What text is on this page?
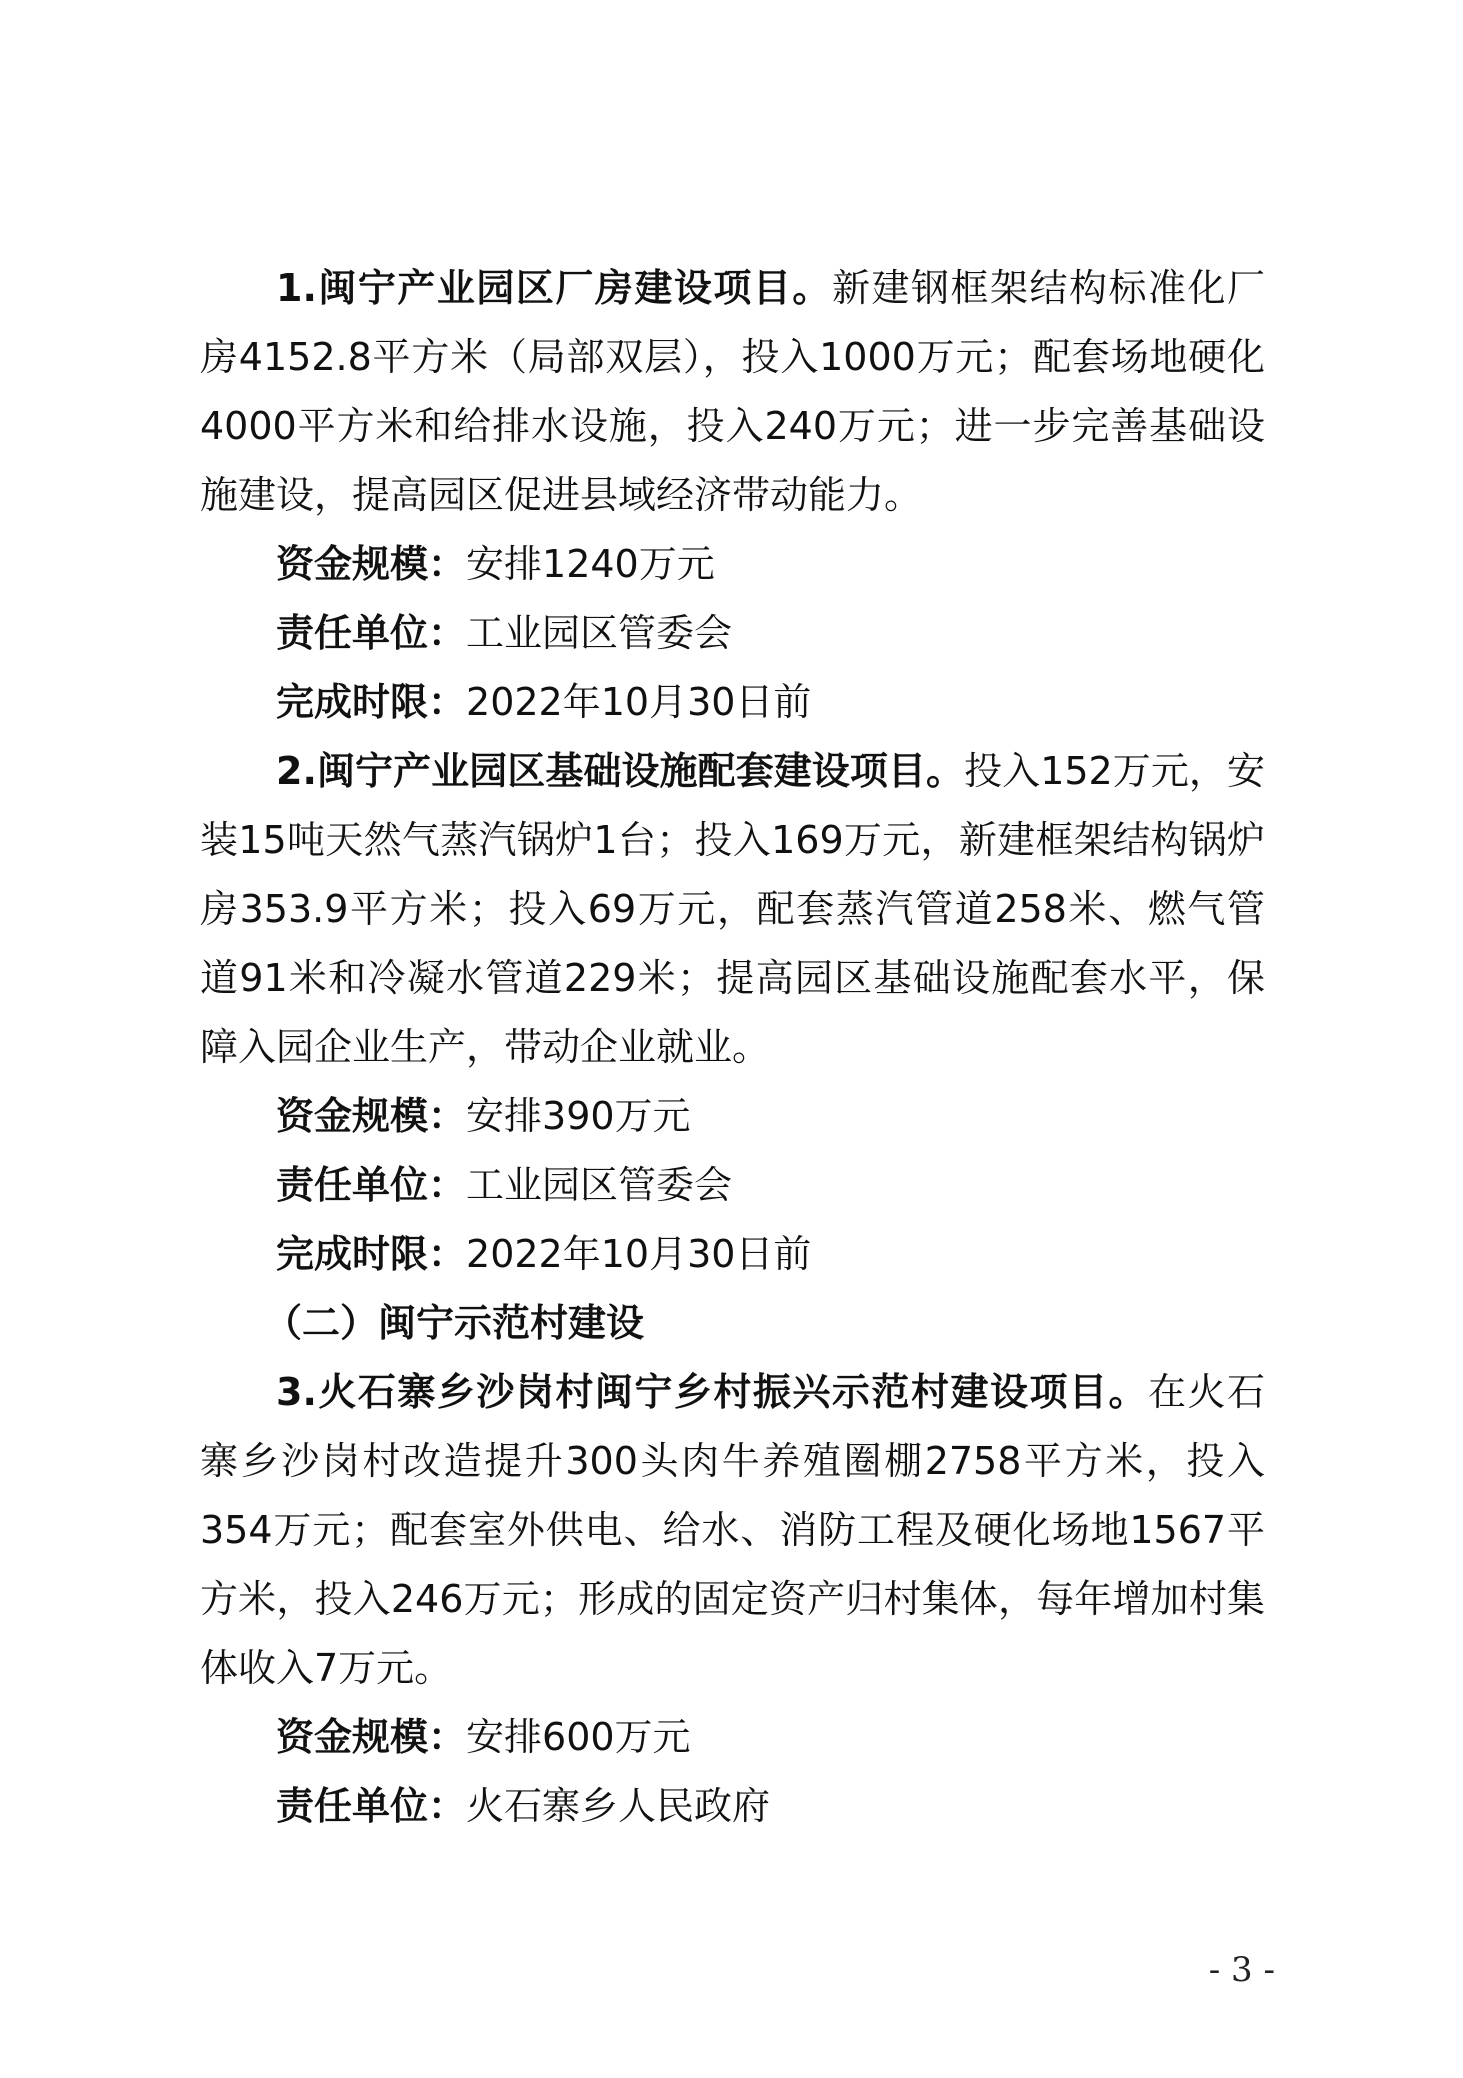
1.闽宁产业园区厂房建设项目。新建钢框架结构标准化厂房4152.8平方米（局部双层），投入1000万元；配套场地硬化4000平方米和给排水设施，投入240万元；进一步完善基础设施建设，提高园区促进县域经济带动能力。

资金规模：安排1240万元

责任单位：工业园区管委会

完成时限：2022年10月30日前

2.闽宁产业园区基础设施配套建设项目。投入152万元，安装15吨天然气蒸汽锅炉1台；投入169万元，新建框架结构锅炉房353.9平方米；投入69万元，配套蒸汽管道258米、燃气管道91米和冷凝水管道229米；提高园区基础设施配套水平，保障入园企业生产，带动企业就业。

资金规模：安排390万元

责任单位：工业园区管委会

完成时限：2022年10月30日前

（二）闽宁示范村建设

3.火石寨乡沙岗村闽宁乡村振兴示范村建设项目。在火石寨乡沙岗村改造提升300头肉牛养殖圈棚2758平方米，投入354万元；配套室外供电、给水、消防工程及硬化场地1567平方米，投入246万元；形成的固定资产归村集体，每年增加村集体收入7万元。

资金规模：安排600万元

责任单位：火石寨乡人民政府

- 3 -
